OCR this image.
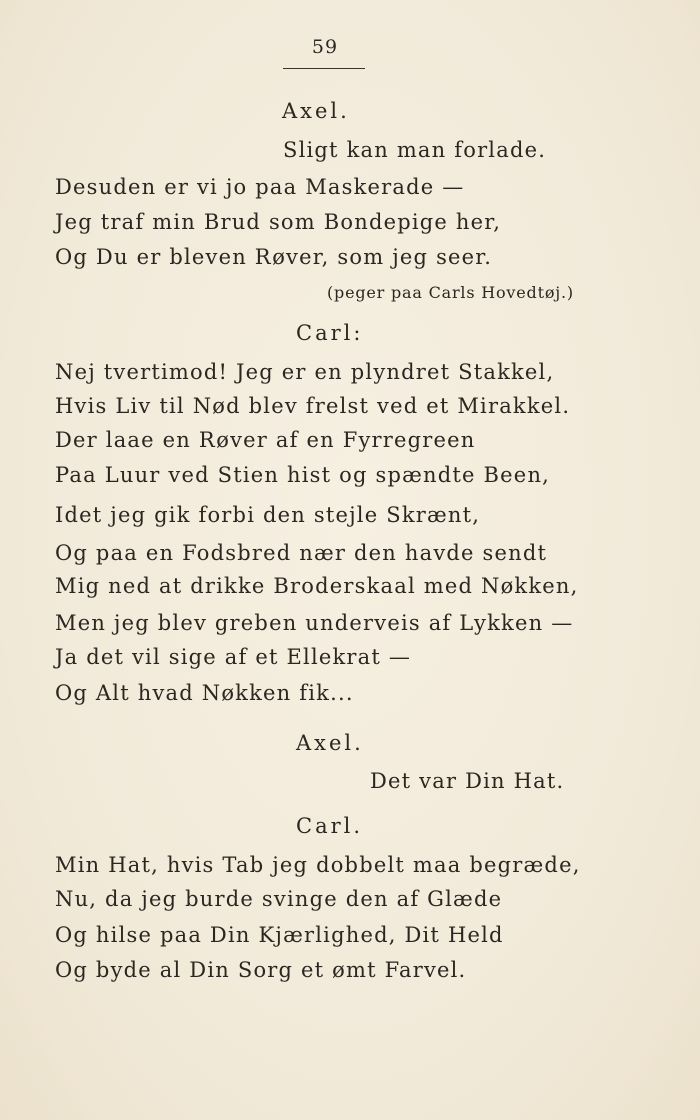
59
Axel.
Sligt kan man forlade.
Desuden er vi jo paa Maskerade —
Jeg traf min Brud som Bondepige her,
Og Du er bleven Røver, som jeg seer.
(peger paa Carls Hovedtøj.)
Carl:
Nej tvertimod! Jeg er en plyndret Stakkel,
Hvis Liv til Nød blev frelst ved et Mirakkel.
Der laae en Røver af en Fyrregreen
Paa Luur ved Stien hist og spændte Been,
Idet jeg gik forbi den stejle Skrænt,
Og paa en Fodsbred nær den havde sendt
Mig ned at drikke Broderskaal med Nøkken,
Men jeg blev greben underveis af Lykken —
Ja det vil sige af et Ellekrat —
Og Alt hvad Nøkken fik...
Axel.
Det var Din Hat.
Carl.
Min Hat, hvis Tab jeg dobbelt maa begræde,
Nu, da jeg burde svinge den af Glæde
Og hilse paa Din Kjærlighed, Dit Held
Og byde al Din Sorg et ømt Farvel.
